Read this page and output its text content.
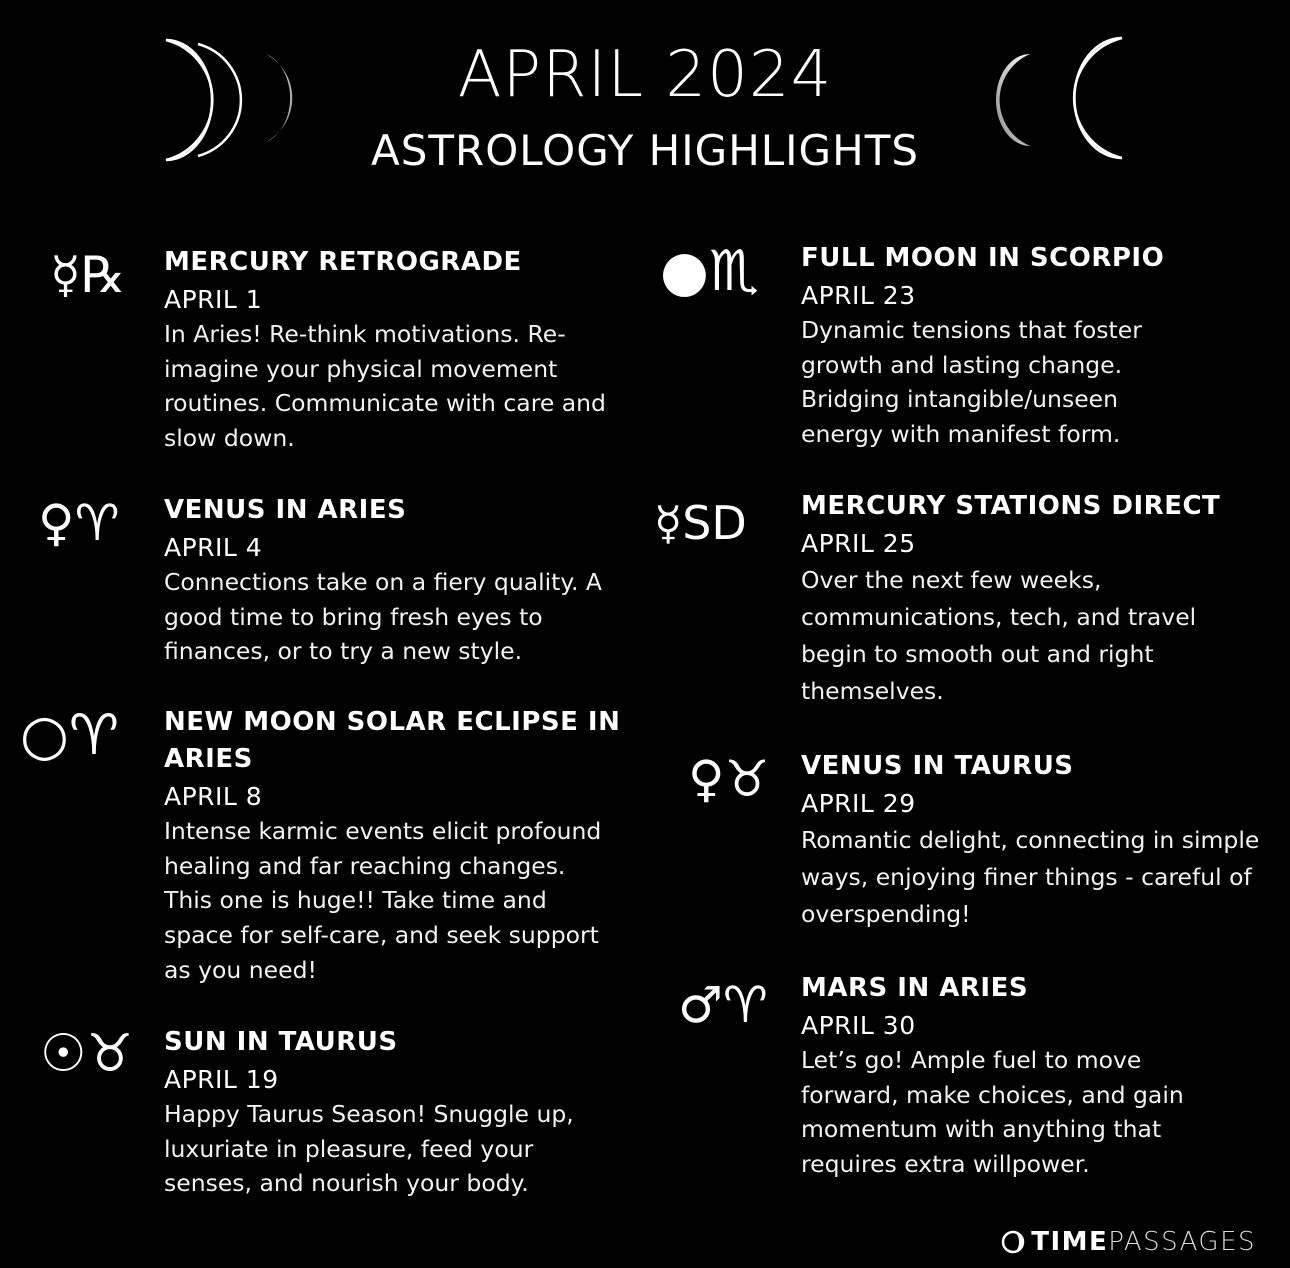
APRIL 2024
ASTROLOGY HIGHLIGHTS
☿℞ MERCURY RETROGRADE
APRIL 1
In Aries! Re-think motivations. Re-imagine your physical movement routines. Communicate with care and slow down.
♀♈ VENUS IN ARIES
APRIL 4
Connections take on a fiery quality. A good time to bring fresh eyes to finances, or to try a new style.
○♈ NEW MOON SOLAR ECLIPSE IN ARIES
APRIL 8
Intense karmic events elicit profound healing and far reaching changes. This one is huge!! Take time and space for self-care, and seek support as you need!
☉♉ SUN IN TAURUS
APRIL 19
Happy Taurus Season! Snuggle up, luxuriate in pleasure, feed your senses, and nourish your body.
●♏ FULL MOON IN SCORPIO
APRIL 23
Dynamic tensions that foster growth and lasting change. Bridging intangible/unseen energy with manifest form.
☿SD MERCURY STATIONS DIRECT
APRIL 25
Over the next few weeks, communications, tech, and travel begin to smooth out and right themselves.
♀♉ VENUS IN TAURUS
APRIL 29
Romantic delight, connecting in simple ways, enjoying finer things - careful of overspending!
♂♈ MARS IN ARIES
APRIL 30
Let’s go! Ample fuel to move forward, make choices, and gain momentum with anything that requires extra willpower.
TIME PASSAGES
